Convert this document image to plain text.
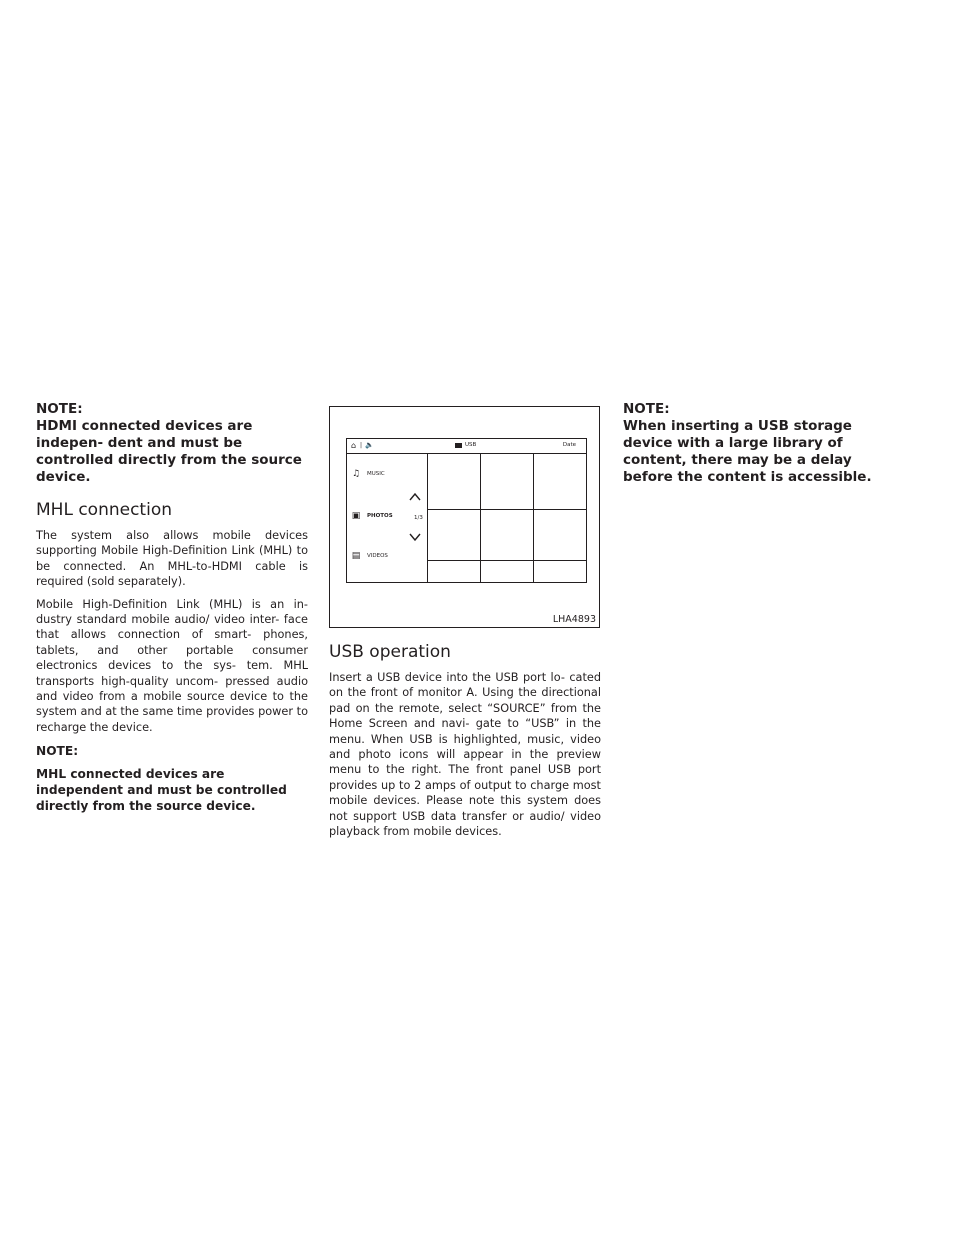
NOTE:

HDMI connected devices are indepen- dent and must be controlled directly from the source device.

MHL connection

The system also allows mobile devices supporting Mobile High-Definition Link (MHL) to be connected. An MHL-to-HDMI cable is required (sold separately).

Mobile High-Definition Link (MHL) is an in- dustry standard mobile audio/ video inter- face that allows connection of smart- phones, tablets, and other portable consumer electronics devices to the sys- tem. MHL transports high-quality uncom- pressed audio and video from a mobile source device to the system and at the same time provides power to recharge the device.

NOTE:

MHL connected devices are independent and must be controlled directly from the source device.

⌂ | 🔈	USB	Date
♫ MUSIC
▣ PHOTOS
▤ VIDEOS
1/3
LHA4893
USB operation

Insert a USB device into the USB port lo- cated on the front of monitor A. Using the directional pad on the remote, select “SOURCE” from the Home Screen and navi- gate to “USB” in the menu. When USB is highlighted, music, video and photo icons will appear in the preview menu to the right. The front panel USB port provides up to 2 amps of output to charge most mobile devices. Please note this system does not support USB data transfer or audio/ video playback from mobile devices.

NOTE:

When inserting a USB storage device with a large library of content, there may be a delay before the content is accessible.
